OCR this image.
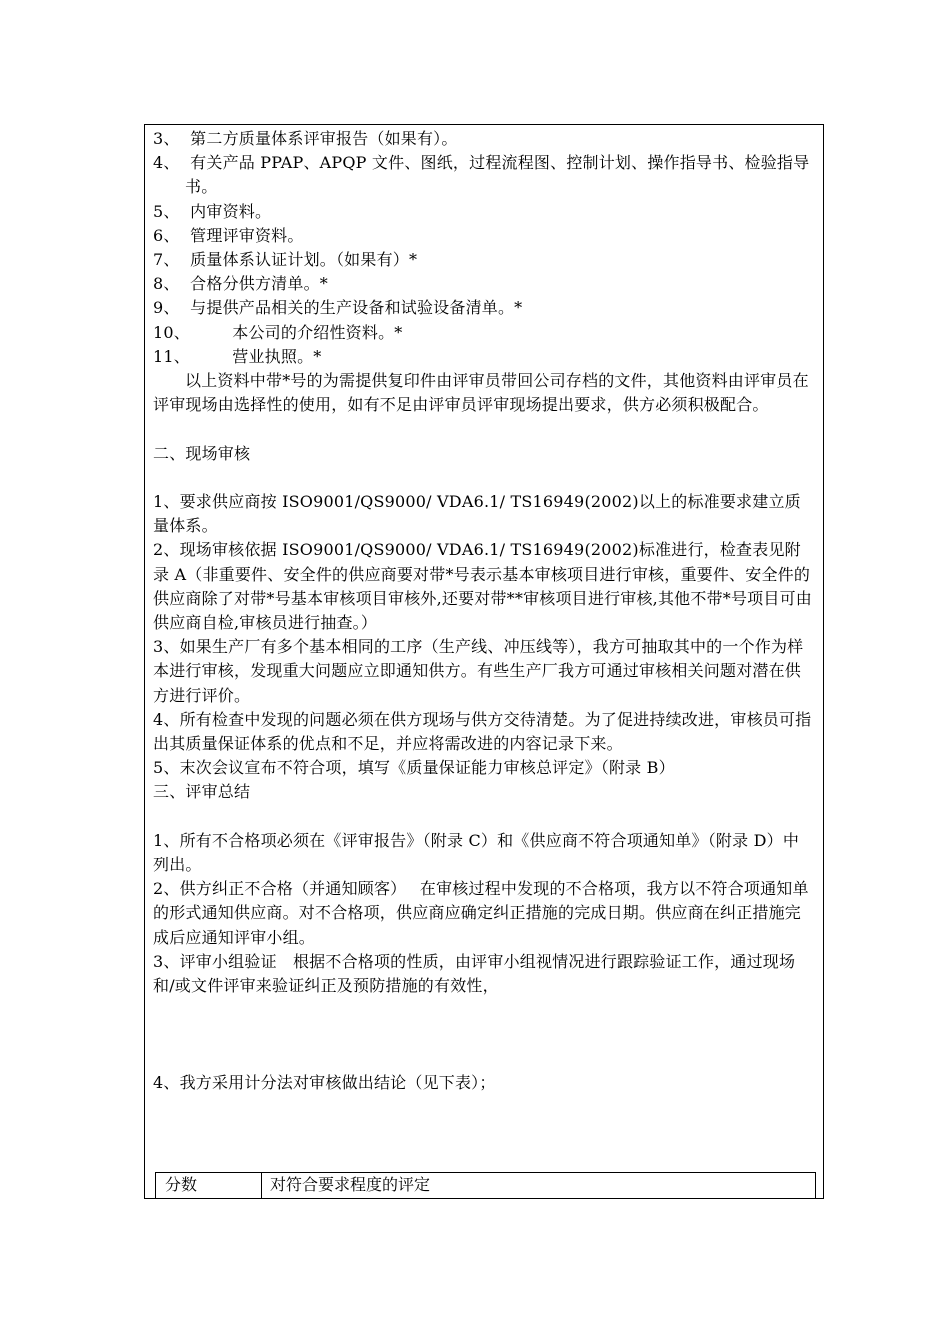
3、 第二方质量体系评审报告（如果有）。

4、 有关产品 PPAP、APQP 文件、图纸，过程流程图、控制计划、操作指导书、检验指导书。

5、 内审资料。

6、 管理评审资料。

7、 质量体系认证计划。（如果有）*

8、 合格分供方清单。*

9、 与提供产品相关的生产设备和试验设备清单。*

10、	本公司的介绍性资料。*

11、	营业执照。*

以上资料中带*号的为需提供复印件由评审员带回公司存档的文件，其他资料由评审员在评审现场由选择性的使用，如有不足由评审员评审现场提出要求，供方必须积极配合。

二、现场审核

1、要求供应商按 ISO9001/QS9000/ VDA6.1/ TS16949(2002)以上的标准要求建立质量体系。

2、现场审核依据 ISO9001/QS9000/ VDA6.1/ TS16949(2002)标准进行，检查表见附录 A（非重要件、安全件的供应商要对带*号表示基本审核项目进行审核，重要件、安全件的供应商除了对带*号基本审核项目审核外,还要对带**审核项目进行审核,其他不带*号项目可由供应商自检,审核员进行抽查。）

3、如果生产厂有多个基本相同的工序（生产线、冲压线等），我方可抽取其中的一个作为样本进行审核，发现重大问题应立即通知供方。有些生产厂我方可通过审核相关问题对潜在供方进行评价。

4、所有检查中发现的问题必须在供方现场与供方交待清楚。为了促进持续改进，审核员可指出其质量保证体系的优点和不足，并应将需改进的内容记录下来。

5、末次会议宣布不符合项，填写《质量保证能力审核总评定》（附录 B）

三、评审总结

1、所有不合格项必须在《评审报告》（附录 C）和《供应商不符合项通知单》（附录 D）中列出。

2、供方纠正不合格（并通知顾客）　 在审核过程中发现的不合格项，我方以不符合项通知单的形式通知供应商。对不合格项，供应商应确定纠正措施的完成日期。供应商在纠正措施完成后应通知评审小组。

3、评审小组验证　根据不合格项的性质，由评审小组视情况进行跟踪验证工作，通过现场和/或文件评审来验证纠正及预防措施的有效性，

4、我方采用计分法对审核做出结论（见下表）；

分数	对符合要求程度的评定
